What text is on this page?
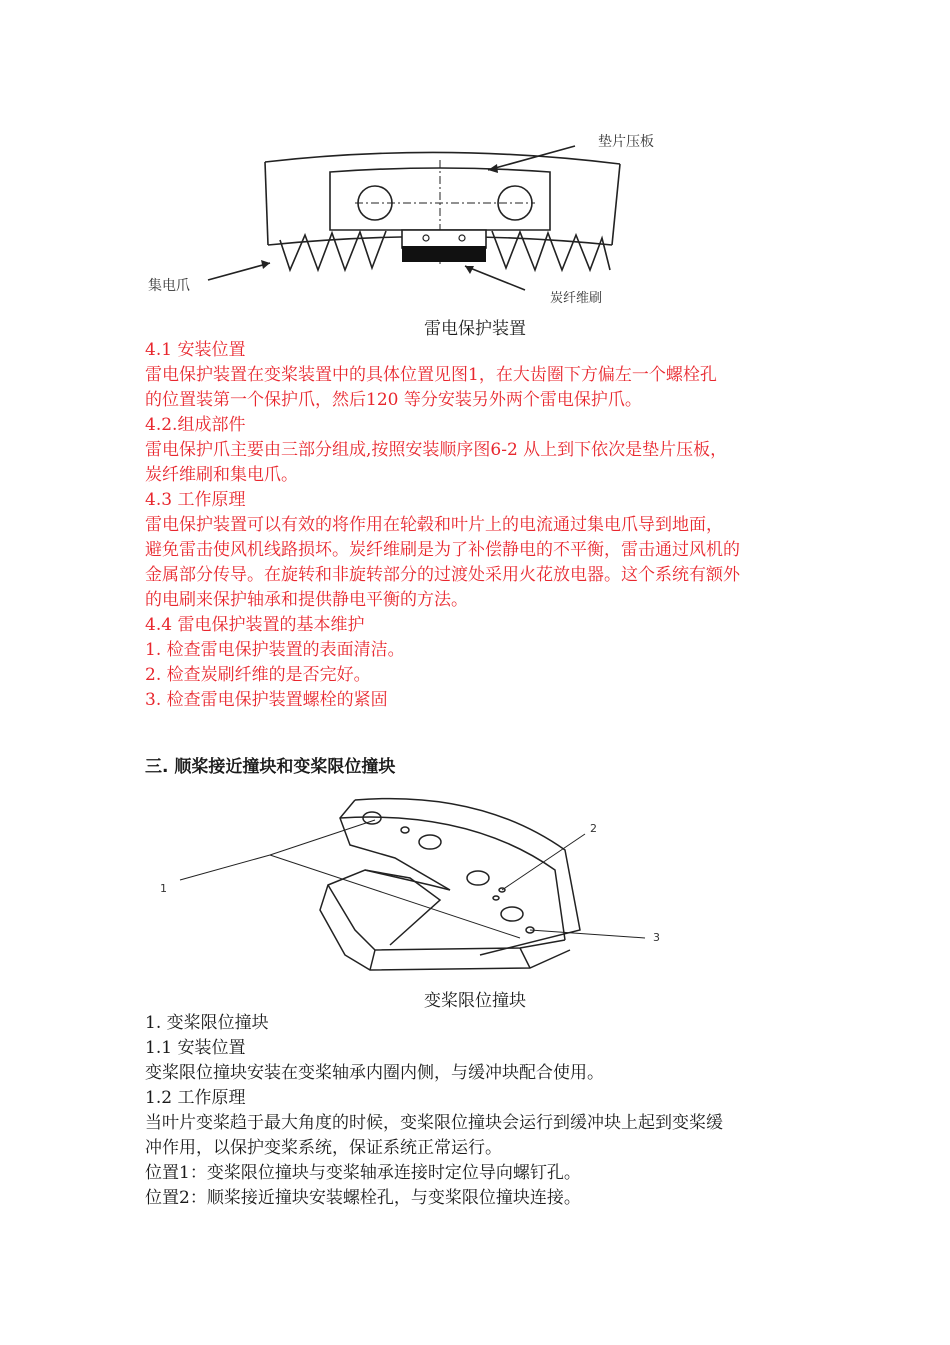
垫片压板
集电爪
炭纤维刷
雷电保护装置
4.1 安装位置
雷电保护装置在变桨装置中的具体位置见图1，在大齿圈下方偏左一个螺栓孔
的位置装第一个保护爪，然后120 等分安装另外两个雷电保护爪。
4.2.组成部件
雷电保护爪主要由三部分组成,按照安装顺序图6-2 从上到下依次是垫片压板，
炭纤维刷和集电爪。
4.3 工作原理
雷电保护装置可以有效的将作用在轮毂和叶片上的电流通过集电爪导到地面，
避免雷击使风机线路损坏。炭纤维刷是为了补偿静电的不平衡，雷击通过风机的
金属部分传导。在旋转和非旋转部分的过渡处采用火花放电器。这个系统有额外
的电刷来保护轴承和提供静电平衡的方法。
4.4 雷电保护装置的基本维护
1. 检查雷电保护装置的表面清洁。
2. 检查炭刷纤维的是否完好。
3. 检查雷电保护装置螺栓的紧固
三. 顺桨接近撞块和变桨限位撞块
1
2
3
变桨限位撞块
1. 变桨限位撞块
1.1 安装位置
变桨限位撞块安装在变桨轴承内圈内侧，与缓冲块配合使用。
1.2 工作原理
当叶片变桨趋于最大角度的时候，变桨限位撞块会运行到缓冲块上起到变桨缓
冲作用，以保护变桨系统，保证系统正常运行。
位置1：变桨限位撞块与变桨轴承连接时定位导向螺钉孔。
位置2：顺桨接近撞块安装螺栓孔，与变桨限位撞块连接。
